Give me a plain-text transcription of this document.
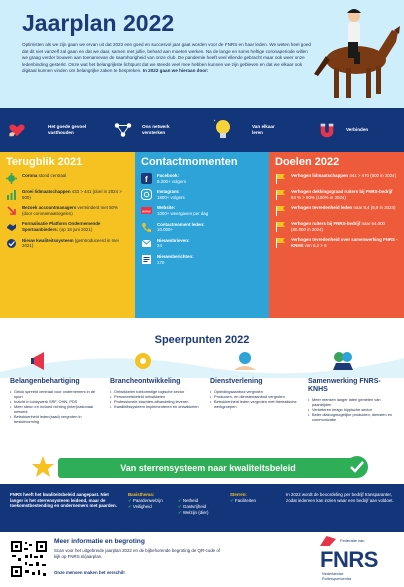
Jaarplan 2022
Optimisten als we zijn gaan we ervan uit dat 2022 een goed en succesvol jaar gaat worden voor de FNRS en haar leden. We weten heel goed dat dit niet vanzelf zal gaan en dat we daar, samen met jullie, behard aan moeten werken. Na de lange en soms heftige coronaperiode willen we graag verder bouwen aan toenamevan de saamhorigheid van onze club. De pandemie heeft veel ellende gebracht maar ook weer onze ledenbinding gesterkt. Onze wat het belangrijkste lichtpunt dat we steeds veel mee hebben kunnen we zijn gebleven en dat we elkaar ook digitaal kunnen vinden om belangrijke zaken te bespreken. In 2022 gaan we hieraan door:
Het goede gevoel vasthouden
Ons netwerk versterken
Van elkaar leren
Verbinden
Terugblik 2021
Corona stond centraal
Groei lidmaatschappen 433 > 441 (doel in 2024 > 500)
Bezoek accountmanagers verminderd met 50% (door coronamaatregelen)
Formalisatie Platform Ondernemende Sportaanbieders: (op 18 juni 2021)
Nieuw kwaliteitssysteem (geïntroduceerd in mei 2021)
Contactmomenten
f Facebook:
9.200+ volgers
Instagram:
1800+ volgers
www
Website:
1000+ weergaven per dag
Contactmoment leden:
10.000+
Nieuwsbrieven:
24
Nieuwsberichten:
170
Doelen 2022
Verhogen lidmaatschappen 441 > 470 (500 in 2024)
Verhogen dekkingsgraad ruiters bij FNRS-bedrijf 84 % > 90% (100% in 2024)
Verhogen tevredenheid leden naar 8,4 (8,9 in 2024)
Verhogen ruiters bij FNRS-bedrijf naar 64.000 (80.000 in 2024)
Verhogen tevredenheid over samenwerking FNRS - KNHS van 6,2 > 8
Speerpunten 2022
Belangenbehartiging
• Geluk spreekt centraal voor ondernemers in de sport
• Inzicht in lobbywerk SRF, OHN, PDS
• Meer steun en invloed richting (inter)nationaal netwerk
• Betrokkenheid leden(raad) vergroten in besluitvorming
Brancheontwikkeling
• Ontwikkelen toekomstige logische sector
• Personeelsbeleid ontwikkelen
• Professionele klachten-afhandeling leveren
• Kwaliteitssysteem implementeren en ontwikkelen
Dienstverlening
• Opleidingsaanbod vergroten
• Producten- en dienstenaanbod vergroten
• Betrokkenheid leden vergroten met thematische werkgroepen
Samenwerking FNRS-KNHS
• Meer mensen langer laten genieten van paardrijden
• Verbeteren imago hippische sector
• Beter dialoogmogelijke producten, diensten en communicatie
Van sterrensysteem naar kwaliteitsbeleid
FNRS heeft het kwaliteitsbeleid aangepast. Niet langer is het sterrensysteem leidend, maar de toekomstbestending en ondernemers met paarden.
Basisthema:
✔ Paardenwelzijn
✔ Veiligheid
✔ Netheid
✔ Gastvrijheid
✔ Welzijn (dier)
Sterren:
✔ Faciliteiten
In 2022 wordt de beoordeling per bedrijf transparanter, zodat iedereen kan inzien waar een bedrijf aan voldoet.
Meer informatie en begroting
Scan voor het uitgebreide jaarplan 2022 en de bijbehorende begroting de QR-code of kijk op FNRS.nl/jaarplan.
Onze mensen maken het verschil!
Federatie van
FNRS
Nederlandse
Ruitersportcentra
